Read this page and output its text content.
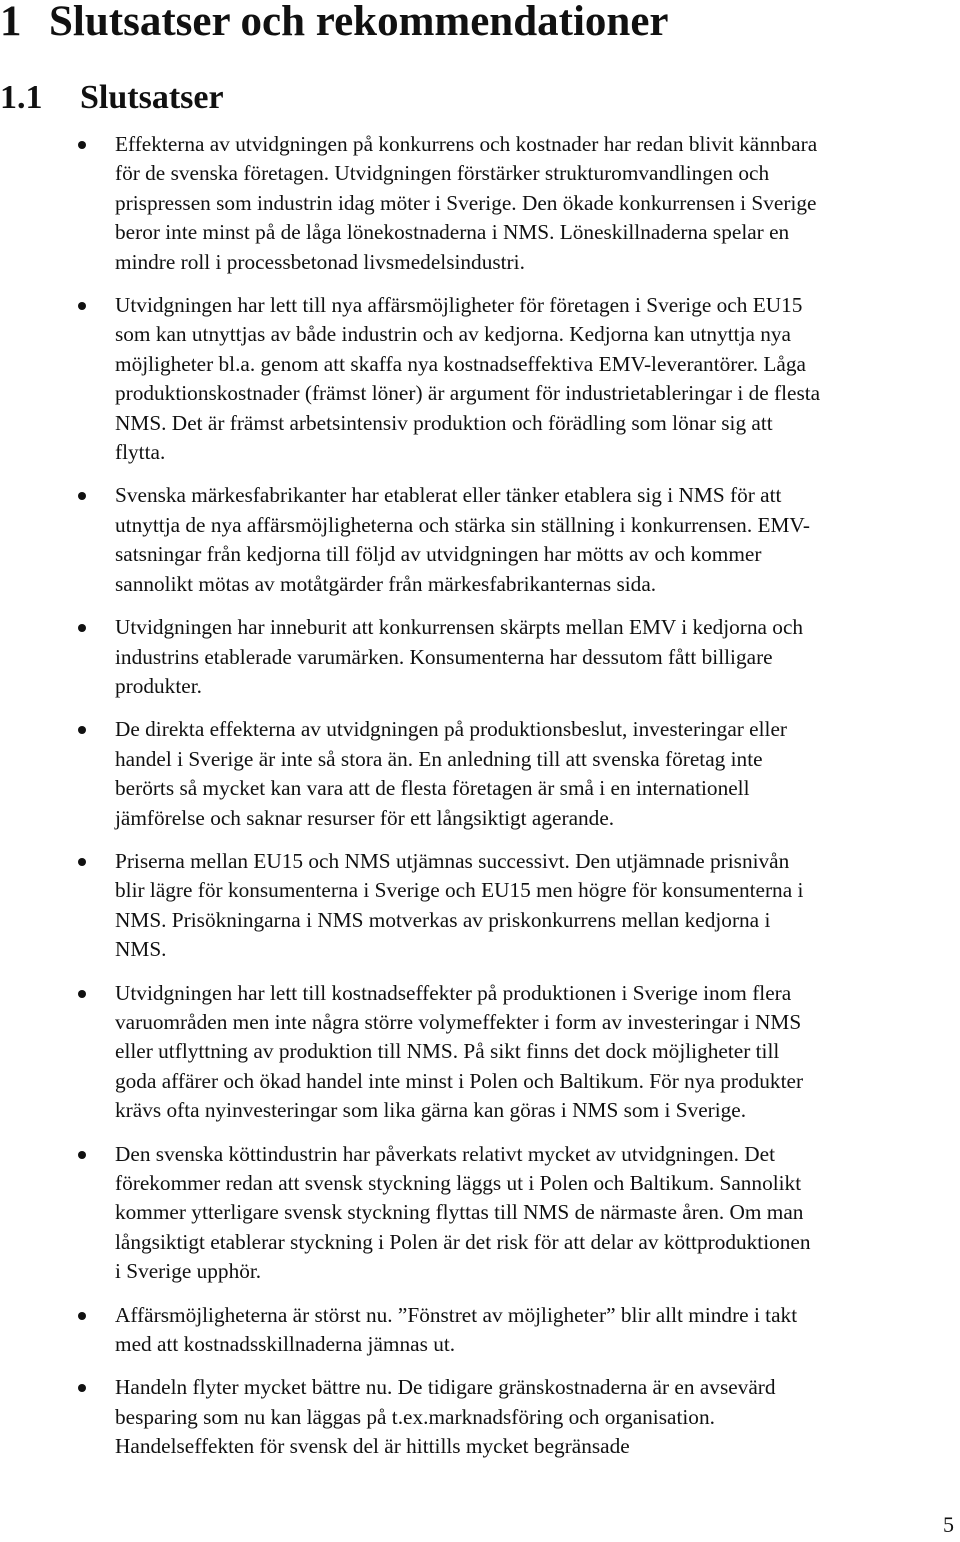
1 Slutsatser och rekommendationer
1.1 Slutsatser
Effekterna av utvidgningen på konkurrens och kostnader har redan blivit kännbara
för de svenska företagen. Utvidgningen förstärker strukturomvandlingen och
prispressen som industrin idag möter i Sverige. Den ökade konkurrensen i Sverige
beror inte minst på de låga lönekostnaderna i NMS. Löneskillnaderna spelar en
mindre roll i processbetonad livsmedelsindustri.
Utvidgningen har lett till nya affärsmöjligheter för företagen i Sverige och EU15
som kan utnyttjas av både industrin och av kedjorna. Kedjorna kan utnyttja nya
möjligheter bl.a. genom att skaffa nya kostnadseffektiva EMV-leverantörer. Låga
produktionskostnader (främst löner) är argument för industrietableringar i de flesta
NMS. Det är främst arbetsintensiv produktion och förädling som lönar sig att
flytta.
Svenska märkesfabrikanter har etablerat eller tänker etablera sig i NMS för att
utnyttja de nya affärsmöjligheterna och stärka sin ställning i konkurrensen. EMV-
satsningar från kedjorna till följd av utvidgningen har mötts av och kommer
sannolikt mötas av motåtgärder från märkesfabrikanternas sida.
Utvidgningen har inneburit att konkurrensen skärpts mellan EMV i kedjorna och
industrins etablerade varumärken. Konsumenterna har dessutom fått billigare
produkter.
De direkta effekterna av utvidgningen på produktionsbeslut, investeringar eller
handel i Sverige är inte så stora än. En anledning till att svenska företag inte
berörts så mycket kan vara att de flesta företagen är små i en internationell
jämförelse och saknar resurser för ett långsiktigt agerande.
Priserna mellan EU15 och NMS utjämnas successivt. Den utjämnade prisnivån
blir lägre för konsumenterna i Sverige och EU15 men högre för konsumenterna i
NMS. Prisökningarna i NMS motverkas av priskonkurrens mellan kedjorna i
NMS.
Utvidgningen har lett till kostnadseffekter på produktionen i Sverige inom flera
varuområden men inte några större volymeffekter i form av investeringar i NMS
eller utflyttning av produktion till NMS. På sikt finns det dock möjligheter till
goda affärer och ökad handel inte minst i Polen och Baltikum. För nya produkter
krävs ofta nyinvesteringar som lika gärna kan göras i NMS som i Sverige.
Den svenska köttindustrin har påverkats relativt mycket av utvidgningen. Det
förekommer redan att svensk styckning läggs ut i Polen och Baltikum. Sannolikt
kommer ytterligare svensk styckning flyttas till NMS de närmaste åren. Om man
långsiktigt etablerar styckning i Polen är det risk för att delar av köttproduktionen
i Sverige upphör.
Affärsmöjligheterna är störst nu. ”Fönstret av möjligheter” blir allt mindre i takt
med att kostnadsskillnaderna jämnas ut.
Handeln flyter mycket bättre nu. De tidigare gränskostnaderna är en avsevärd
besparing som nu kan läggas på t.ex.marknadsföring och organisation.
Handelseffekten för svensk del är hittills mycket begränsade
5
